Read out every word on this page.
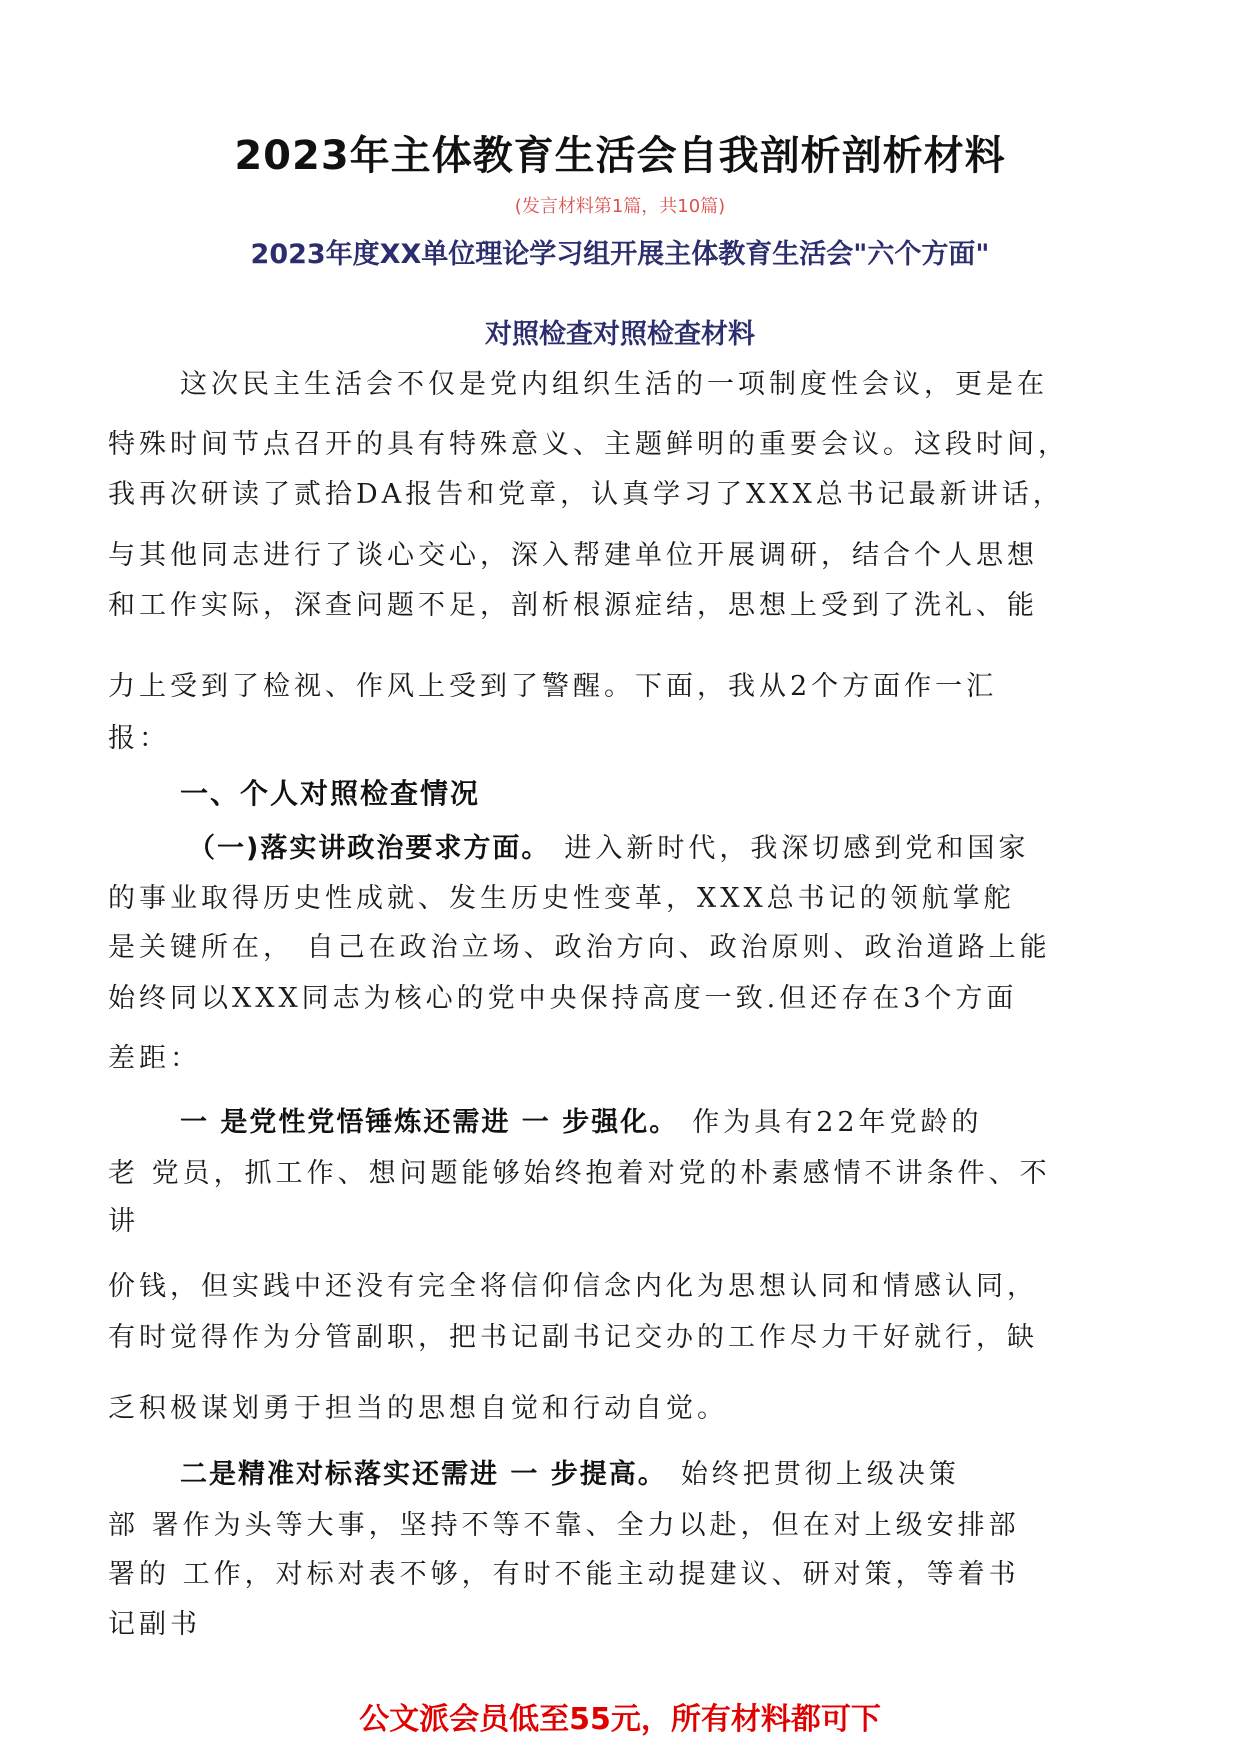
2023年主体教育生活会自我剖析剖析材料
(发言材料第1篇，共10篇)
2023年度XX单位理论学习组开展主体教育生活会"六个方面"
对照检查对照检查材料
这次民主生活会不仅是党内组织生活的一项制度性会议，更是在
特殊时间节点召开的具有特殊意义、主题鲜明的重要会议。这段时间，
我再次研读了贰拾DA报告和党章，认真学习了XXX总书记最新讲话，
与其他同志进行了谈心交心，深入帮建单位开展调研，结合个人思想
和工作实际，深查问题不足，剖析根源症结，思想上受到了洗礼、能
力上受到了检视、作风上受到了警醒。下面，我从2个方面作一汇
报：
一、个人对照检查情况
（一)落实讲政治要求方面。 进入新时代，我深切感到党和国家
的事业取得历史性成就、发生历史性变革，XXX总书记的领航掌舵
是关键所在， 自己在政治立场、政治方向、政治原则、政治道路上能
始终同以XXX同志为核心的党中央保持高度一致.但还存在3个方面
差距：
一 是党性党悟锤炼还需进 一 步强化。 作为具有22年党龄的
老 党员，抓工作、想问题能够始终抱着对党的朴素感情不讲条件、不
讲
价钱，但实践中还没有完全将信仰信念内化为思想认同和情感认同，
有时觉得作为分管副职，把书记副书记交办的工作尽力干好就行，缺
乏积极谋划勇于担当的思想自觉和行动自觉。
二是精准对标落实还需进 一 步提高。 始终把贯彻上级决策
部 署作为头等大事，坚持不等不靠、全力以赴，但在对上级安排部
署的 工作，对标对表不够，有时不能主动提建议、研对策，等着书
记副书
公文派会员低至55元，所有材料都可下
